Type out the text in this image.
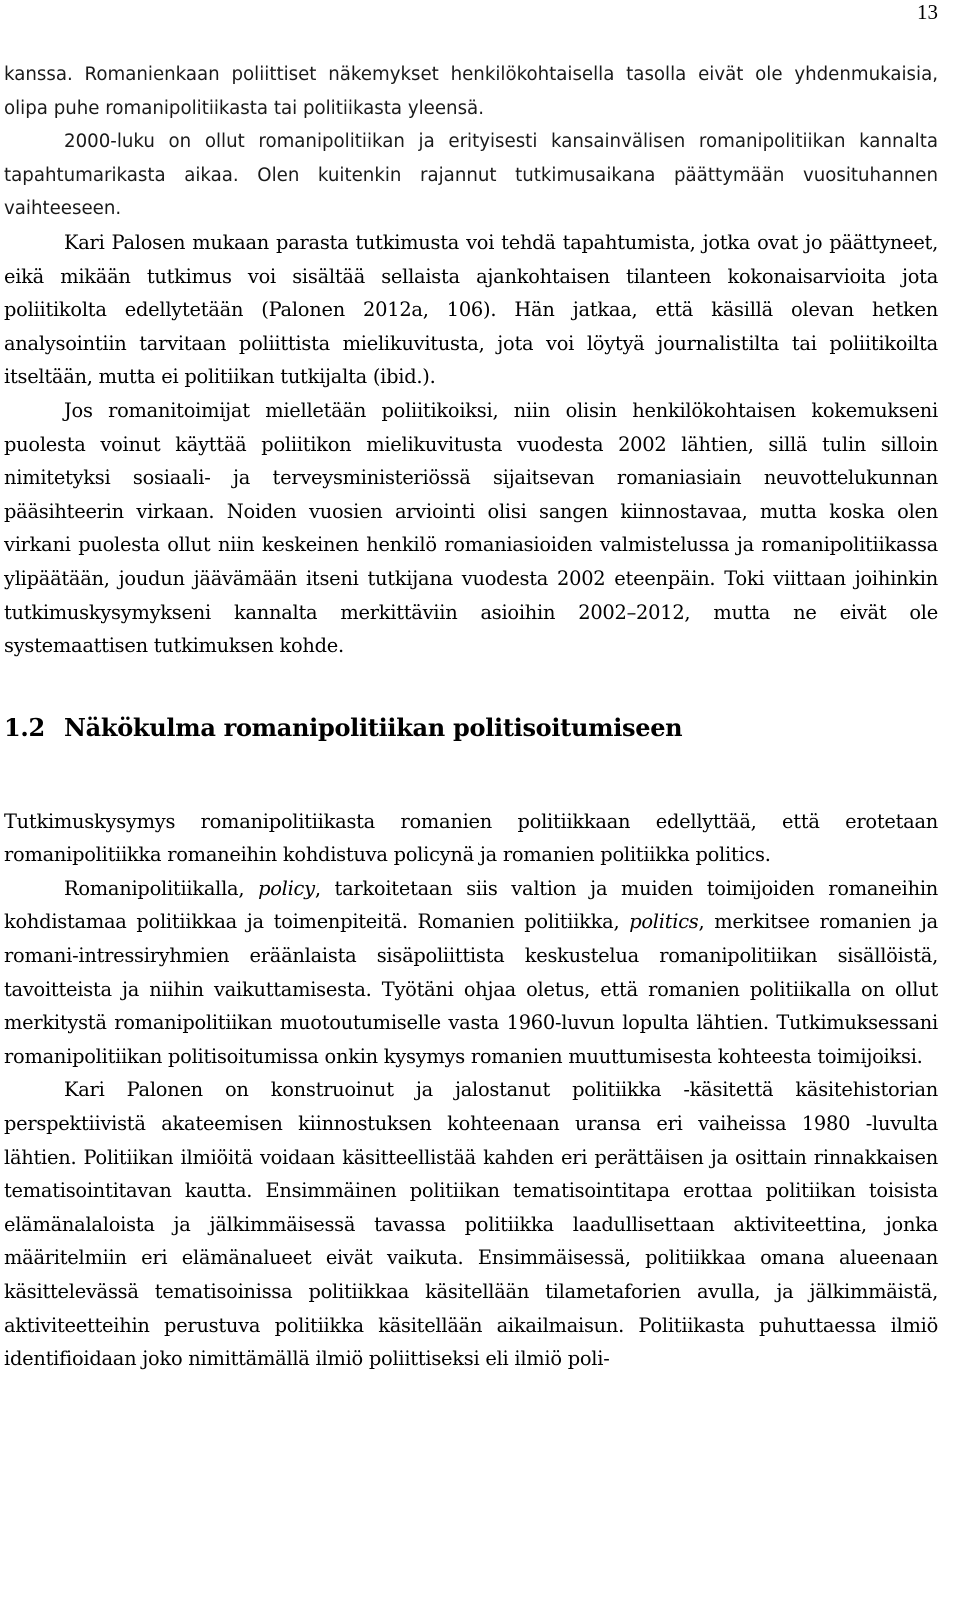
13

kanssa. Romanienkaan poliittiset näkemykset henkilökohtaisella tasolla eivät ole yhdenmukaisia, olipa puhe romanipolitiikasta tai politiikasta yleensä.

2000-luku on ollut romanipolitiikan ja erityisesti kansainvälisen romanipolitiikan kannalta tapahtumarikasta aikaa. Olen kuitenkin rajannut tutkimusaikana päättymään vuosituhannen vaihteeseen.

Kari Palosen mukaan parasta tutkimusta voi tehdä tapahtumista, jotka ovat jo päättyneet, eikä mikään tutkimus voi sisältää sellaista ajankohtaisen tilanteen kokonaisarvioita jota poliitikolta edellytetään (Palonen 2012a, 106). Hän jatkaa, että käsillä olevan hetken analysointiin tarvitaan poliittista mielikuvitusta, jota voi löytyä journalistilta tai poliitikoilta itseltään, mutta ei politiikan tutkijalta (ibid.).

Jos romanitoimijat mielletään poliitikoiksi, niin olisin henkilökohtaisen kokemukseni puolesta voinut käyttää poliitikon mielikuvitusta vuodesta 2002 lähtien, sillä tulin silloin nimitetyksi sosiaali- ja terveysministeriössä sijaitsevan romaniasiain neuvottelukunnan pääsihteerin virkaan. Noiden vuosien arviointi olisi sangen kiinnostavaa, mutta koska olen virkani puolesta ollut niin keskeinen henkilö romaniasioiden valmistelussa ja romanipolitiikassa ylipäätään, joudun jäävämään itseni tutkijana vuodesta 2002 eteenpäin. Toki viittaan joihinkin tutkimuskysymykseni kannalta merkittäviin asioihin 2002–2012, mutta ne eivät ole systemaattisen tutkimuksen kohde.

1.2 Näkökulma romanipolitiikan politisoitumiseen

Tutkimuskysymys romanipolitiikasta romanien politiikkaan edellyttää, että erotetaan romanipolitiikka romaneihin kohdistuva policynä ja romanien politiikka politics.

Romanipolitiikalla, policy, tarkoitetaan siis valtion ja muiden toimijoiden romaneihin kohdistamaa politiikkaa ja toimenpiteitä. Romanien politiikka, politics, merkitsee romanien ja romani-intressiryhmien eräänlaista sisäpoliittista keskustelua romanipolitiikan sisällöistä, tavoitteista ja niihin vaikuttamisesta. Työtäni ohjaa oletus, että romanien politiikalla on ollut merkitystä romanipolitiikan muotoutumiselle vasta 1960-luvun lopulta lähtien. Tutkimuksessani romanipolitiikan politisoitumissa onkin kysymys romanien muuttumisesta kohteesta toimijoiksi.

Kari Palonen on konstruoinut ja jalostanut politiikka -käsitettä käsitehistorian perspektiivistä akateemisen kiinnostuksen kohteenaan uransa eri vaiheissa 1980 -luvulta lähtien. Politiikan ilmiöitä voidaan käsitteellistää kahden eri perättäisen ja osittain rinnakkaisen tematisointitavan kautta. Ensimmäinen politiikan tematisointitapa erottaa politiikan toisista elämänalaloista ja jälkimmäisessä tavassa politiikka laadullisettaan aktiviteettina, jonka määritelmiin eri elämänalueet eivät vaikuta. Ensimmäisessä, politiikkaa omana alueenaan käsittelevässä tematisoinissa politiikkaa käsitellään tilametaforien avulla, ja jälkimmäistä, aktiviteetteihin perustuva politiikka käsitellään aikailmaisun. Politiikasta puhuttaessa ilmiö identifioidaan joko nimittämällä ilmiö poliittiseksi eli ilmiö poli-
